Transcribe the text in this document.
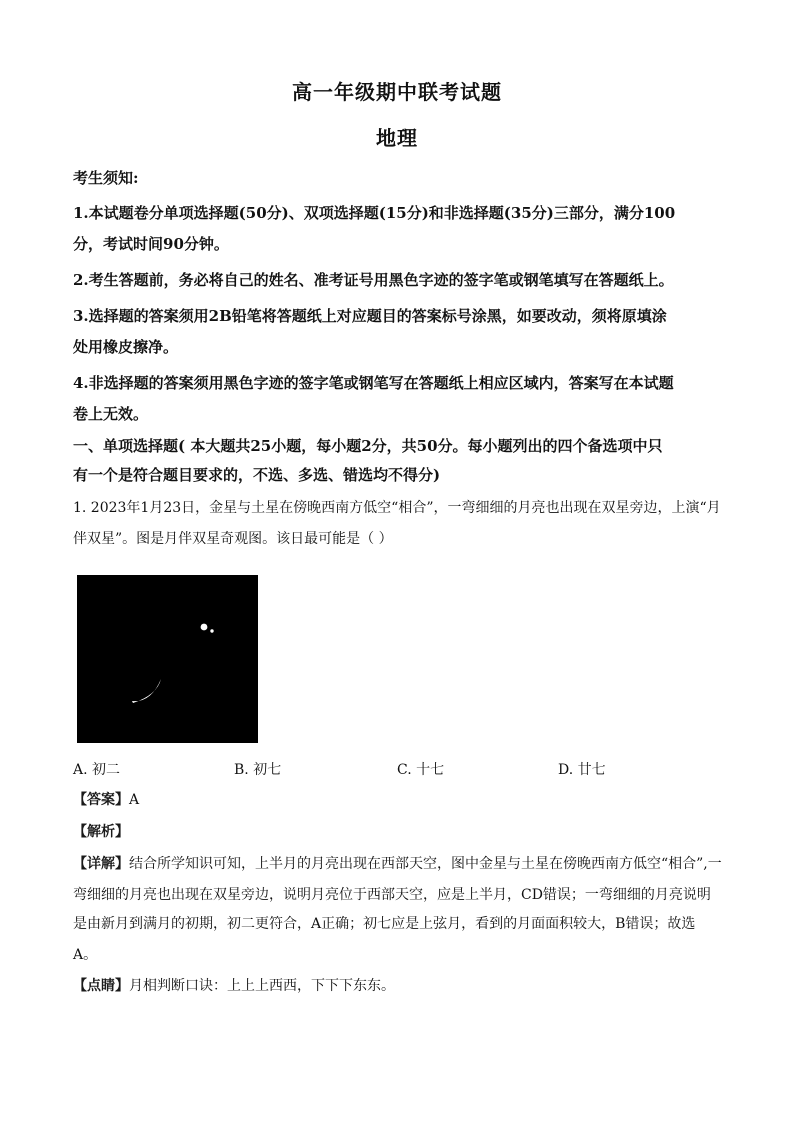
高一年级期中联考试题
地理
考生须知:
1.本试题卷分单项选择题(50分)、双项选择题(15分)和非选择题(35分)三部分，满分100
分，考试时间90分钟。
2.考生答题前，务必将自己的姓名、准考证号用黑色字迹的签字笔或钢笔填写在答题纸上。
3.选择题的答案须用2B铅笔将答题纸上对应题目的答案标号涂黑，如要改动，须将原填涂
处用橡皮擦净。
4.非选择题的答案须用黑色字迹的签字笔或钢笔写在答题纸上相应区域内，答案写在本试题
卷上无效。
一、单项选择题( 本大题共25小题，每小题2分，共50分。每小题列出的四个备选项中只
有一个是符合题目要求的，不选、多选、错选均不得分)
1. 2023年1月23日，金星与土星在傍晚西南方低空“相合”，一弯细细的月亮也出现在双星旁边，上演“月
伴双星”。图是月伴双星奇观图。该日最可能是（ ）
A. 初二	B. 初七	C. 十七	D. 廿七
【答案】A
【解析】
【详解】结合所学知识可知，上半月的月亮出现在西部天空，图中金星与土星在傍晚西南方低空“相合”,一
弯细细的月亮也出现在双星旁边，说明月亮位于西部天空，应是上半月，CD错误；一弯细细的月亮说明
是由新月到满月的初期，初二更符合，A正确；初七应是上弦月，看到的月面面积较大，B错误；故选
A。
【点睛】月相判断口诀：上上上西西，下下下东东。
